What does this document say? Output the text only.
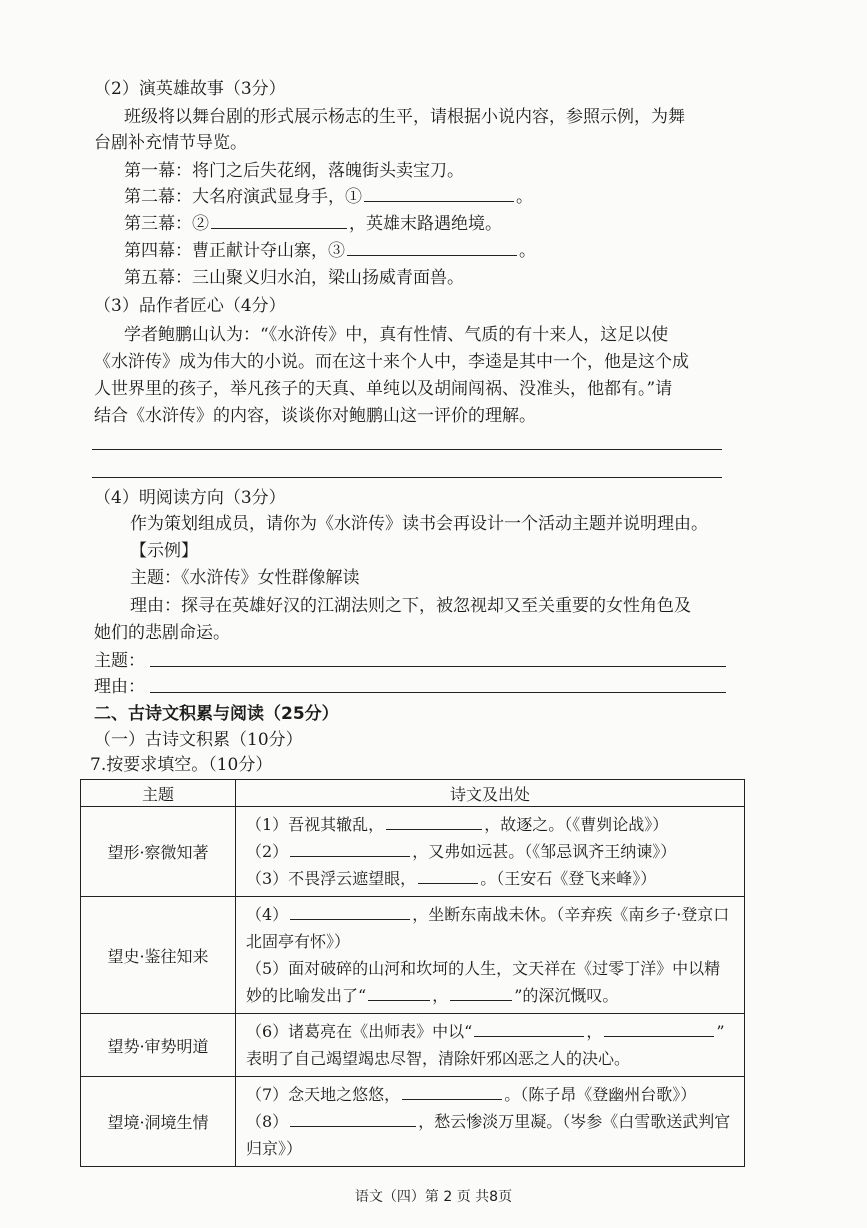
（2）演英雄故事（3分）
班级将以舞台剧的形式展示杨志的生平，请根据小说内容，参照示例，为舞
台剧补充情节导览。
第一幕：将门之后失花纲，落魄街头卖宝刀。
第二幕：大名府演武显身手，①	。
第三幕：②	，英雄末路遇绝境。
第四幕：曹正献计夺山寨，③	。
第五幕：三山聚义归水泊，梁山扬威青面兽。
（3）品作者匠心（4分）
学者鲍鹏山认为：“《水浒传》中，真有性情、气质的有十来人，这足以使
《水浒传》成为伟大的小说。而在这十来个人中，李逵是其中一个，他是这个成
人世界里的孩子，举凡孩子的天真、单纯以及胡闹闯祸、没准头，他都有。”请
结合《水浒传》的内容，谈谈你对鲍鹏山这一评价的理解。
（4）明阅读方向（3分）
作为策划组成员，请你为《水浒传》读书会再设计一个活动主题并说明理由。
【示例】
主题：《水浒传》女性群像解读
理由：探寻在英雄好汉的江湖法则之下，被忽视却又至关重要的女性角色及
她们的悲剧命运。
主题：
理由：
二、古诗文积累与阅读（25分）
（一）古诗文积累（10分）
7.按要求填空。（10分）
主题	诗文及出处
望形·察微知著	（1）吾视其辙乱， ，故逐之。（《曹刿论战》）
（2） ，又弗如远甚。（《邹忌讽齐王纳谏》）
（3）不畏浮云遮望眼， 。（王安石《登飞来峰》）

望史·鉴往知来	（4） ，坐断东南战未休。（辛弃疾《南乡子·登京口北固亭有怀》）
（5）面对破碎的山河和坎坷的人生，文天祥在《过零丁洋》中以精妙的比喻发出了“ ， ”的深沉慨叹。

望势·审势明道	（6）诸葛亮在《出师表》中以“ ， ”
表明了自己竭望竭忠尽智，清除奸邪凶恶之人的决心。

望境·洞境生情	（7）念天地之悠悠， 。（陈子昂《登幽州台歌》）
（8） ，愁云惨淡万里凝。（岑参《白雪歌送武判官归京》）
语文（四）第 2 页 共8页
